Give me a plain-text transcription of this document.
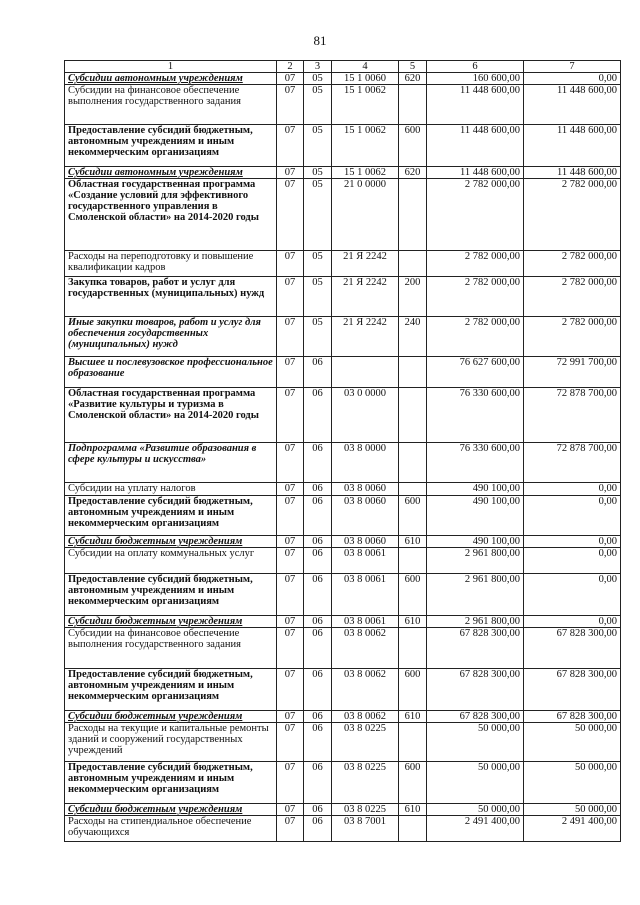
81
1	2	3	4	5	6	7
Субсидии автономным учреждениям	07	05	15 1 0060	620	160 600,00	0,00
Субсидии на финансовое обеспечение выполнения государственного задания	07	05	15 1 0062		11 448 600,00	11 448 600,00
Предоставление субсидий бюджетным, автономным учреждениям и иным некоммерческим организациям	07	05	15 1 0062	600	11 448 600,00	11 448 600,00
Субсидии автономным учреждениям	07	05	15 1 0062	620	11 448 600,00	11 448 600,00
Областная государственная программа «Создание условий для эффективного государственного управления в Смоленской области» на 2014-2020 годы	07	05	21 0 0000		2 782 000,00	2 782 000,00
Расходы на переподготовку и повышение квалификации кадров	07	05	21 Я 2242		2 782 000,00	2 782 000,00
Закупка товаров, работ и услуг для государственных (муниципальных) нужд	07	05	21 Я 2242	200	2 782 000,00	2 782 000,00
Иные закупки товаров, работ и услуг для обеспечения государственных (муниципальных) нужд	07	05	21 Я 2242	240	2 782 000,00	2 782 000,00
Высшее и послевузовское профессиональное образование	07	06			76 627 600,00	72 991 700,00
Областная государственная программа «Развитие культуры и туризма в Смоленской области» на 2014-2020 годы	07	06	03 0 0000		76 330 600,00	72 878 700,00
Подпрограмма «Развитие образования в сфере культуры и искусства»	07	06	03 8 0000		76 330 600,00	72 878 700,00
Субсидии на уплату налогов	07	06	03 8 0060		490 100,00	0,00
Предоставление субсидий бюджетным, автономным учреждениям и иным некоммерческим организациям	07	06	03 8 0060	600	490 100,00	0,00
Субсидии бюджетным учреждениям	07	06	03 8 0060	610	490 100,00	0,00
Субсидии на оплату коммунальных услуг	07	06	03 8 0061		2 961 800,00	0,00
Предоставление субсидий бюджетным, автономным учреждениям и иным некоммерческим организациям	07	06	03 8 0061	600	2 961 800,00	0,00
Субсидии бюджетным учреждениям	07	06	03 8 0061	610	2 961 800,00	0,00
Субсидии на финансовое обеспечение выполнения государственного задания	07	06	03 8 0062		67 828 300,00	67 828 300,00
Предоставление субсидий бюджетным, автономным учреждениям и иным некоммерческим организациям	07	06	03 8 0062	600	67 828 300,00	67 828 300,00
Субсидии бюджетным учреждениям	07	06	03 8 0062	610	67 828 300,00	67 828 300,00
Расходы на текущие и капитальные ремонты зданий и сооружений государственных учреждений	07	06	03 8 0225		50 000,00	50 000,00
Предоставление субсидий бюджетным, автономным учреждениям и иным некоммерческим организациям	07	06	03 8 0225	600	50 000,00	50 000,00
Субсидии бюджетным учреждениям	07	06	03 8 0225	610	50 000,00	50 000,00
Расходы на стипендиальное обеспечение обучающихся	07	06	03 8 7001		2 491 400,00	2 491 400,00
